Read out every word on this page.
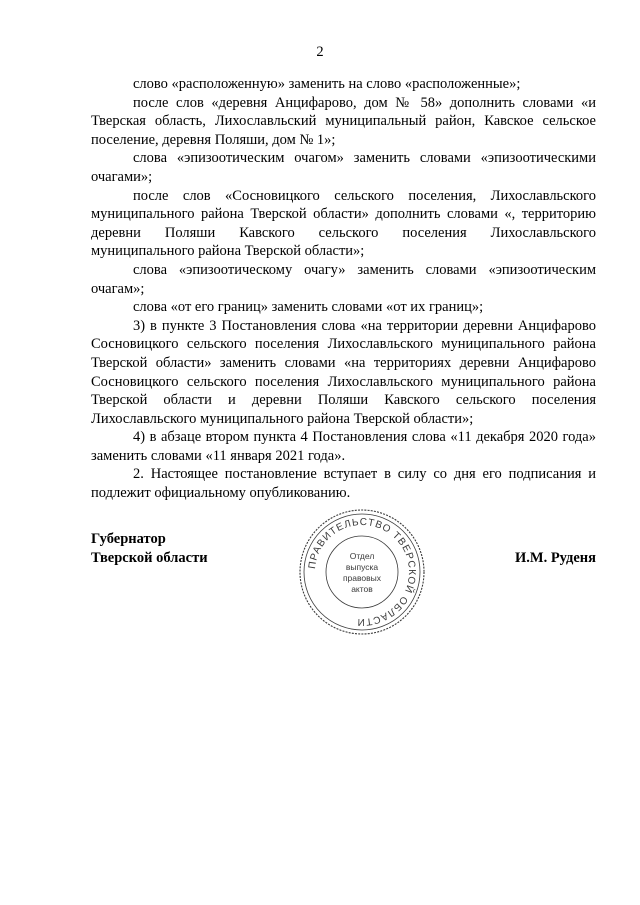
2

слово «расположенную» заменить на слово «расположенные»;

после слов «деревня Анцифарово, дом № 58» дополнить словами «и Тверская область, Лихославльский муниципальный район, Кавское сельское поселение, деревня Поляши, дом № 1»;

слова «эпизоотическим очагом» заменить словами «эпизоотическими очагами»;

после слов «Сосновицкого сельского поселения, Лихославльского муниципального района Тверской области» дополнить словами «, территорию деревни Поляши Кавского сельского поселения Лихославльского муниципального района Тверской области»;

слова «эпизоотическому очагу» заменить словами «эпизоотическим очагам»;

слова «от его границ» заменить словами «от их границ»;

3) в пункте 3 Постановления слова «на территории деревни Анцифарово Сосновицкого сельского поселения Лихославльского муниципального района Тверской области» заменить словами «на территориях деревни Анцифарово Сосновицкого сельского поселения Лихославльского муниципального района Тверской области и деревни Поляши Кавского сельского поселения Лихославльского муниципального района Тверской области»;

4) в абзаце втором пункта 4 Постановления слова «11 декабря 2020 года» заменить словами «11 января 2021 года».

2. Настоящее постановление вступает в силу со дня его подписания и подлежит официальному опубликованию.

Губернатор
Тверской области	ПРАВИТЕЛЬСТВО ТВЕРСКОЙ ОБЛАСТИ
Отдел
выпуска
правовых
актов
И.М. Руденя
